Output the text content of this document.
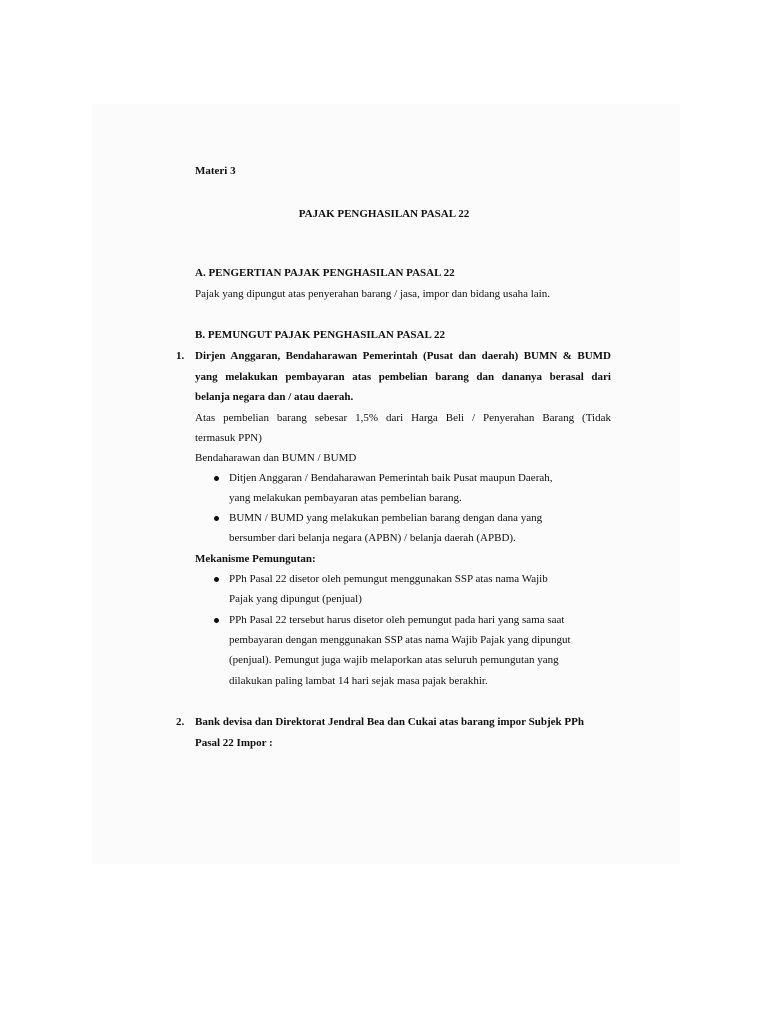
Materi 3
PAJAK PENGHASILAN PASAL 22
A. PENGERTIAN PAJAK PENGHASILAN PASAL 22
Pajak yang dipungut atas penyerahan barang / jasa, impor dan bidang usaha lain.
B. PEMUNGUT PAJAK PENGHASILAN PASAL 22
1. Dirjen Anggaran, Bendaharawan Pemerintah (Pusat dan daerah) BUMN & BUMD
yang melakukan pembayaran atas pembelian barang dan dananya berasal dari
belanja negara dan / atau daerah.
Atas pembelian barang sebesar 1,5% dari Harga Beli / Penyerahan Barang (Tidak
termasuk PPN)
Bendaharawan dan BUMN / BUMD
Ditjen Anggaran / Bendaharawan Pemerintah baik Pusat maupun Daerah,
yang melakukan pembayaran atas pembelian barang.
BUMN / BUMD yang melakukan pembelian barang dengan dana yang
bersumber dari belanja negara (APBN) / belanja daerah (APBD).
Mekanisme Pemungutan:
PPh Pasal 22 disetor oleh pemungut menggunakan SSP atas nama Wajib
Pajak yang dipungut (penjual)
PPh Pasal 22 tersebut harus disetor oleh pemungut pada hari yang sama saat
pembayaran dengan menggunakan SSP atas nama Wajib Pajak yang dipungut
(penjual). Pemungut juga wajib melaporkan atas seluruh pemungutan yang
dilakukan paling lambat 14 hari sejak masa pajak berakhir.
2. Bank devisa dan Direktorat Jendral Bea dan Cukai atas barang impor Subjek PPh
Pasal 22 Impor :
